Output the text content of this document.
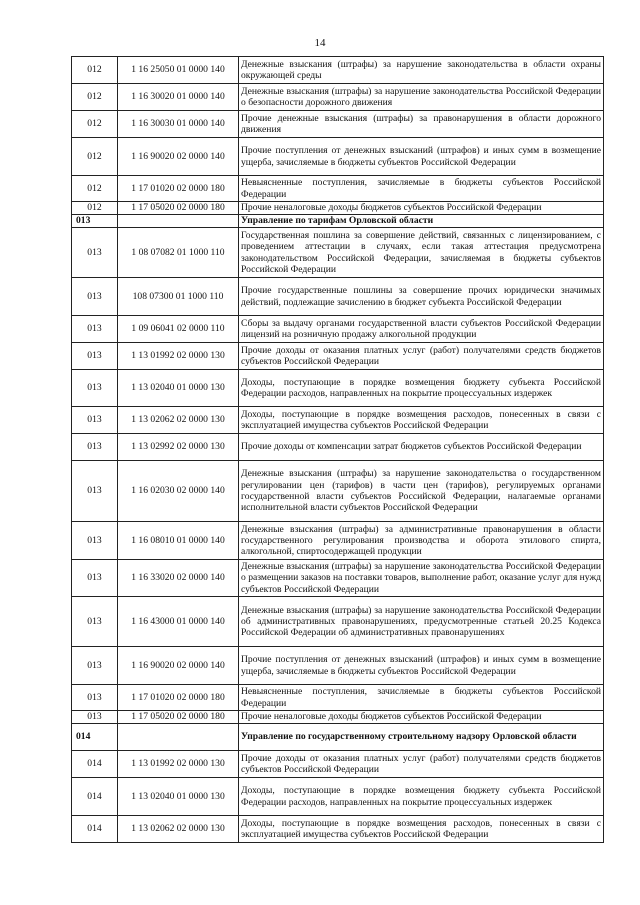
14
012	1 16 25050 01 0000 140	Денежные взыскания (штрафы) за нарушение законодательства в области охраны окружающей среды
012	1 16 30020 01 0000 140	Денежные взыскания (штрафы) за нарушение законодательства Российской Федерации о безопасности дорожного движения
012	1 16 30030 01 0000 140	Прочие денежные взыскания (штрафы) за правонарушения в области дорожного движения
012	1 16 90020 02 0000 140	Прочие поступления от денежных взысканий (штрафов) и иных сумм в возмещение ущерба, зачисляемые в бюджеты субъектов Российской Федерации
012	1 17 01020 02 0000 180	Невыясненные поступления, зачисляемые в бюджеты субъектов Российской Федерации
012	1 17 05020 02 0000 180	Прочие неналоговые доходы бюджетов субъектов Российской Федерации
013		Управление по тарифам Орловской области
013	1 08 07082 01 1000 110	Государственная пошлина за совершение действий, связанных с лицензированием, с проведением аттестации в случаях, если такая аттестация предусмотрена законодательством Российской Федерации, зачисляемая в бюджеты субъектов Российской Федерации
013	108 07300 01 1000 110	Прочие государственные пошлины за совершение прочих юридически значимых действий, подлежащие зачислению в бюджет субъекта Российской Федерации
013	1 09 06041 02 0000 110	Сборы за выдачу органами государственной власти субъектов Российской Федерации лицензий на розничную продажу алкогольной продукции
013	1 13 01992 02 0000 130	Прочие доходы от оказания платных услуг (работ) получателями средств бюджетов субъектов Российской Федерации
013	1 13 02040 01 0000 130	Доходы, поступающие в порядке возмещения бюджету субъекта Российской Федерации расходов, направленных на покрытие процессуальных издержек
013	1 13 02062 02 0000 130	Доходы, поступающие в порядке возмещения расходов, понесенных в связи с эксплуатацией имущества субъектов Российской Федерации
013	1 13 02992 02 0000 130	Прочие доходы от компенсации затрат бюджетов субъектов Российской Федерации
013	1 16 02030 02 0000 140	Денежные взыскания (штрафы) за нарушение законодательства о государственном регулировании цен (тарифов) в части цен (тарифов), регулируемых органами государственной власти субъектов Российской Федерации, налагаемые органами исполнительной власти субъектов Российской Федерации
013	1 16 08010 01 0000 140	Денежные взыскания (штрафы) за административные правонарушения в области государственного регулирования производства и оборота этилового спирта, алкогольной, спиртосодержащей продукции
013	1 16 33020 02 0000 140	Денежные взыскания (штрафы) за нарушение законодательства Российской Федерации о размещении заказов на поставки товаров, выполнение работ, оказание услуг для нужд субъектов Российской Федерации
013	1 16 43000 01 0000 140	Денежные взыскания (штрафы) за нарушение законодательства Российской Федерации об административных правонарушениях, предусмотренные статьей 20.25 Кодекса Российской Федерации об административных правонарушениях
013	1 16 90020 02 0000 140	Прочие поступления от денежных взысканий (штрафов) и иных сумм в возмещение ущерба, зачисляемые в бюджеты субъектов Российской Федерации
013	1 17 01020 02 0000 180	Невыясненные поступления, зачисляемые в бюджеты субъектов Российской Федерации
013	1 17 05020 02 0000 180	Прочие неналоговые доходы бюджетов субъектов Российской Федерации
014		Управление по государственному строительному надзору Орловской области
014	1 13 01992 02 0000 130	Прочие доходы от оказания платных услуг (работ) получателями средств бюджетов субъектов Российской Федерации
014	1 13 02040 01 0000 130	Доходы, поступающие в порядке возмещения бюджету субъекта Российской Федерации расходов, направленных на покрытие процессуальных издержек
014	1 13 02062 02 0000 130	Доходы, поступающие в порядке возмещения расходов, понесенных в связи с эксплуатацией имущества субъектов Российской Федерации
